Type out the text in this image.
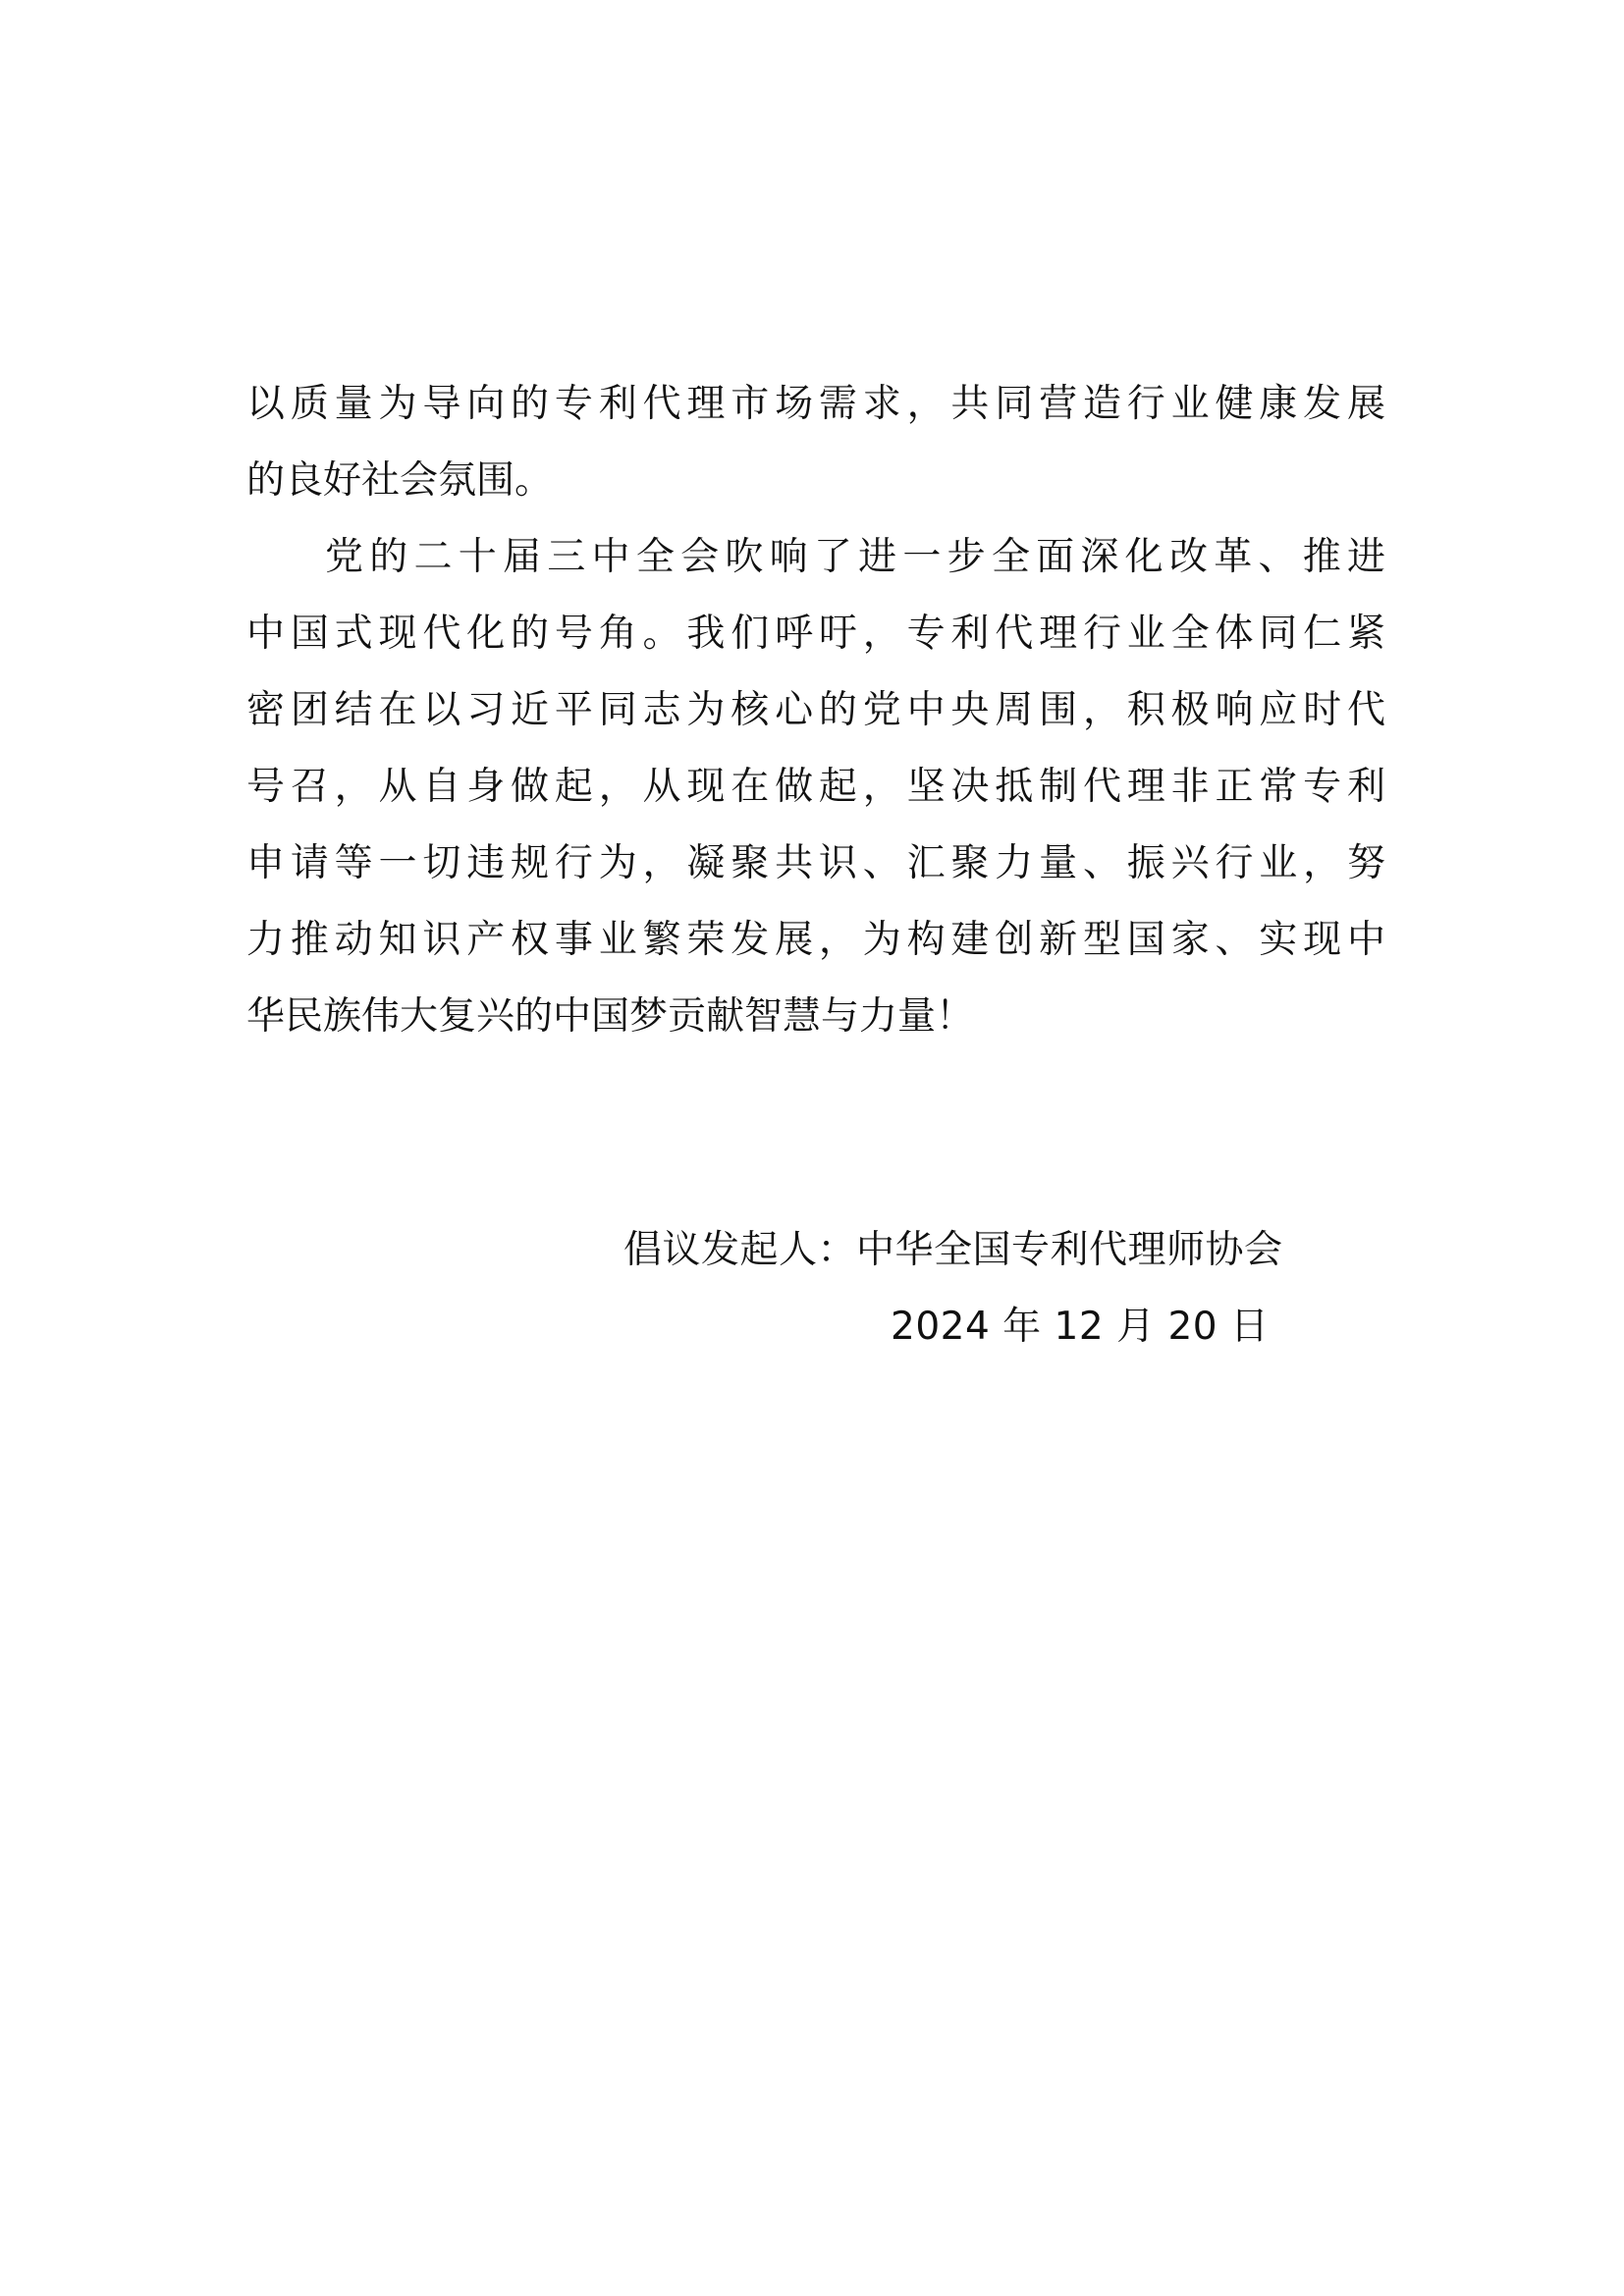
以质量为导向的专利代理市场需求，共同营造行业健康发展
的良好社会氛围。
党的二十届三中全会吹响了进一步全面深化改革、推进
中国式现代化的号角。我们呼吁，专利代理行业全体同仁紧
密团结在以习近平同志为核心的党中央周围，积极响应时代
号召，从自身做起，从现在做起，坚决抵制代理非正常专利
申请等一切违规行为，凝聚共识、汇聚力量、振兴行业，努
力推动知识产权事业繁荣发展，为构建创新型国家、实现中
华民族伟大复兴的中国梦贡献智慧与力量！
倡议发起人：中华全国专利代理师协会
2024 年 12 月 20 日
